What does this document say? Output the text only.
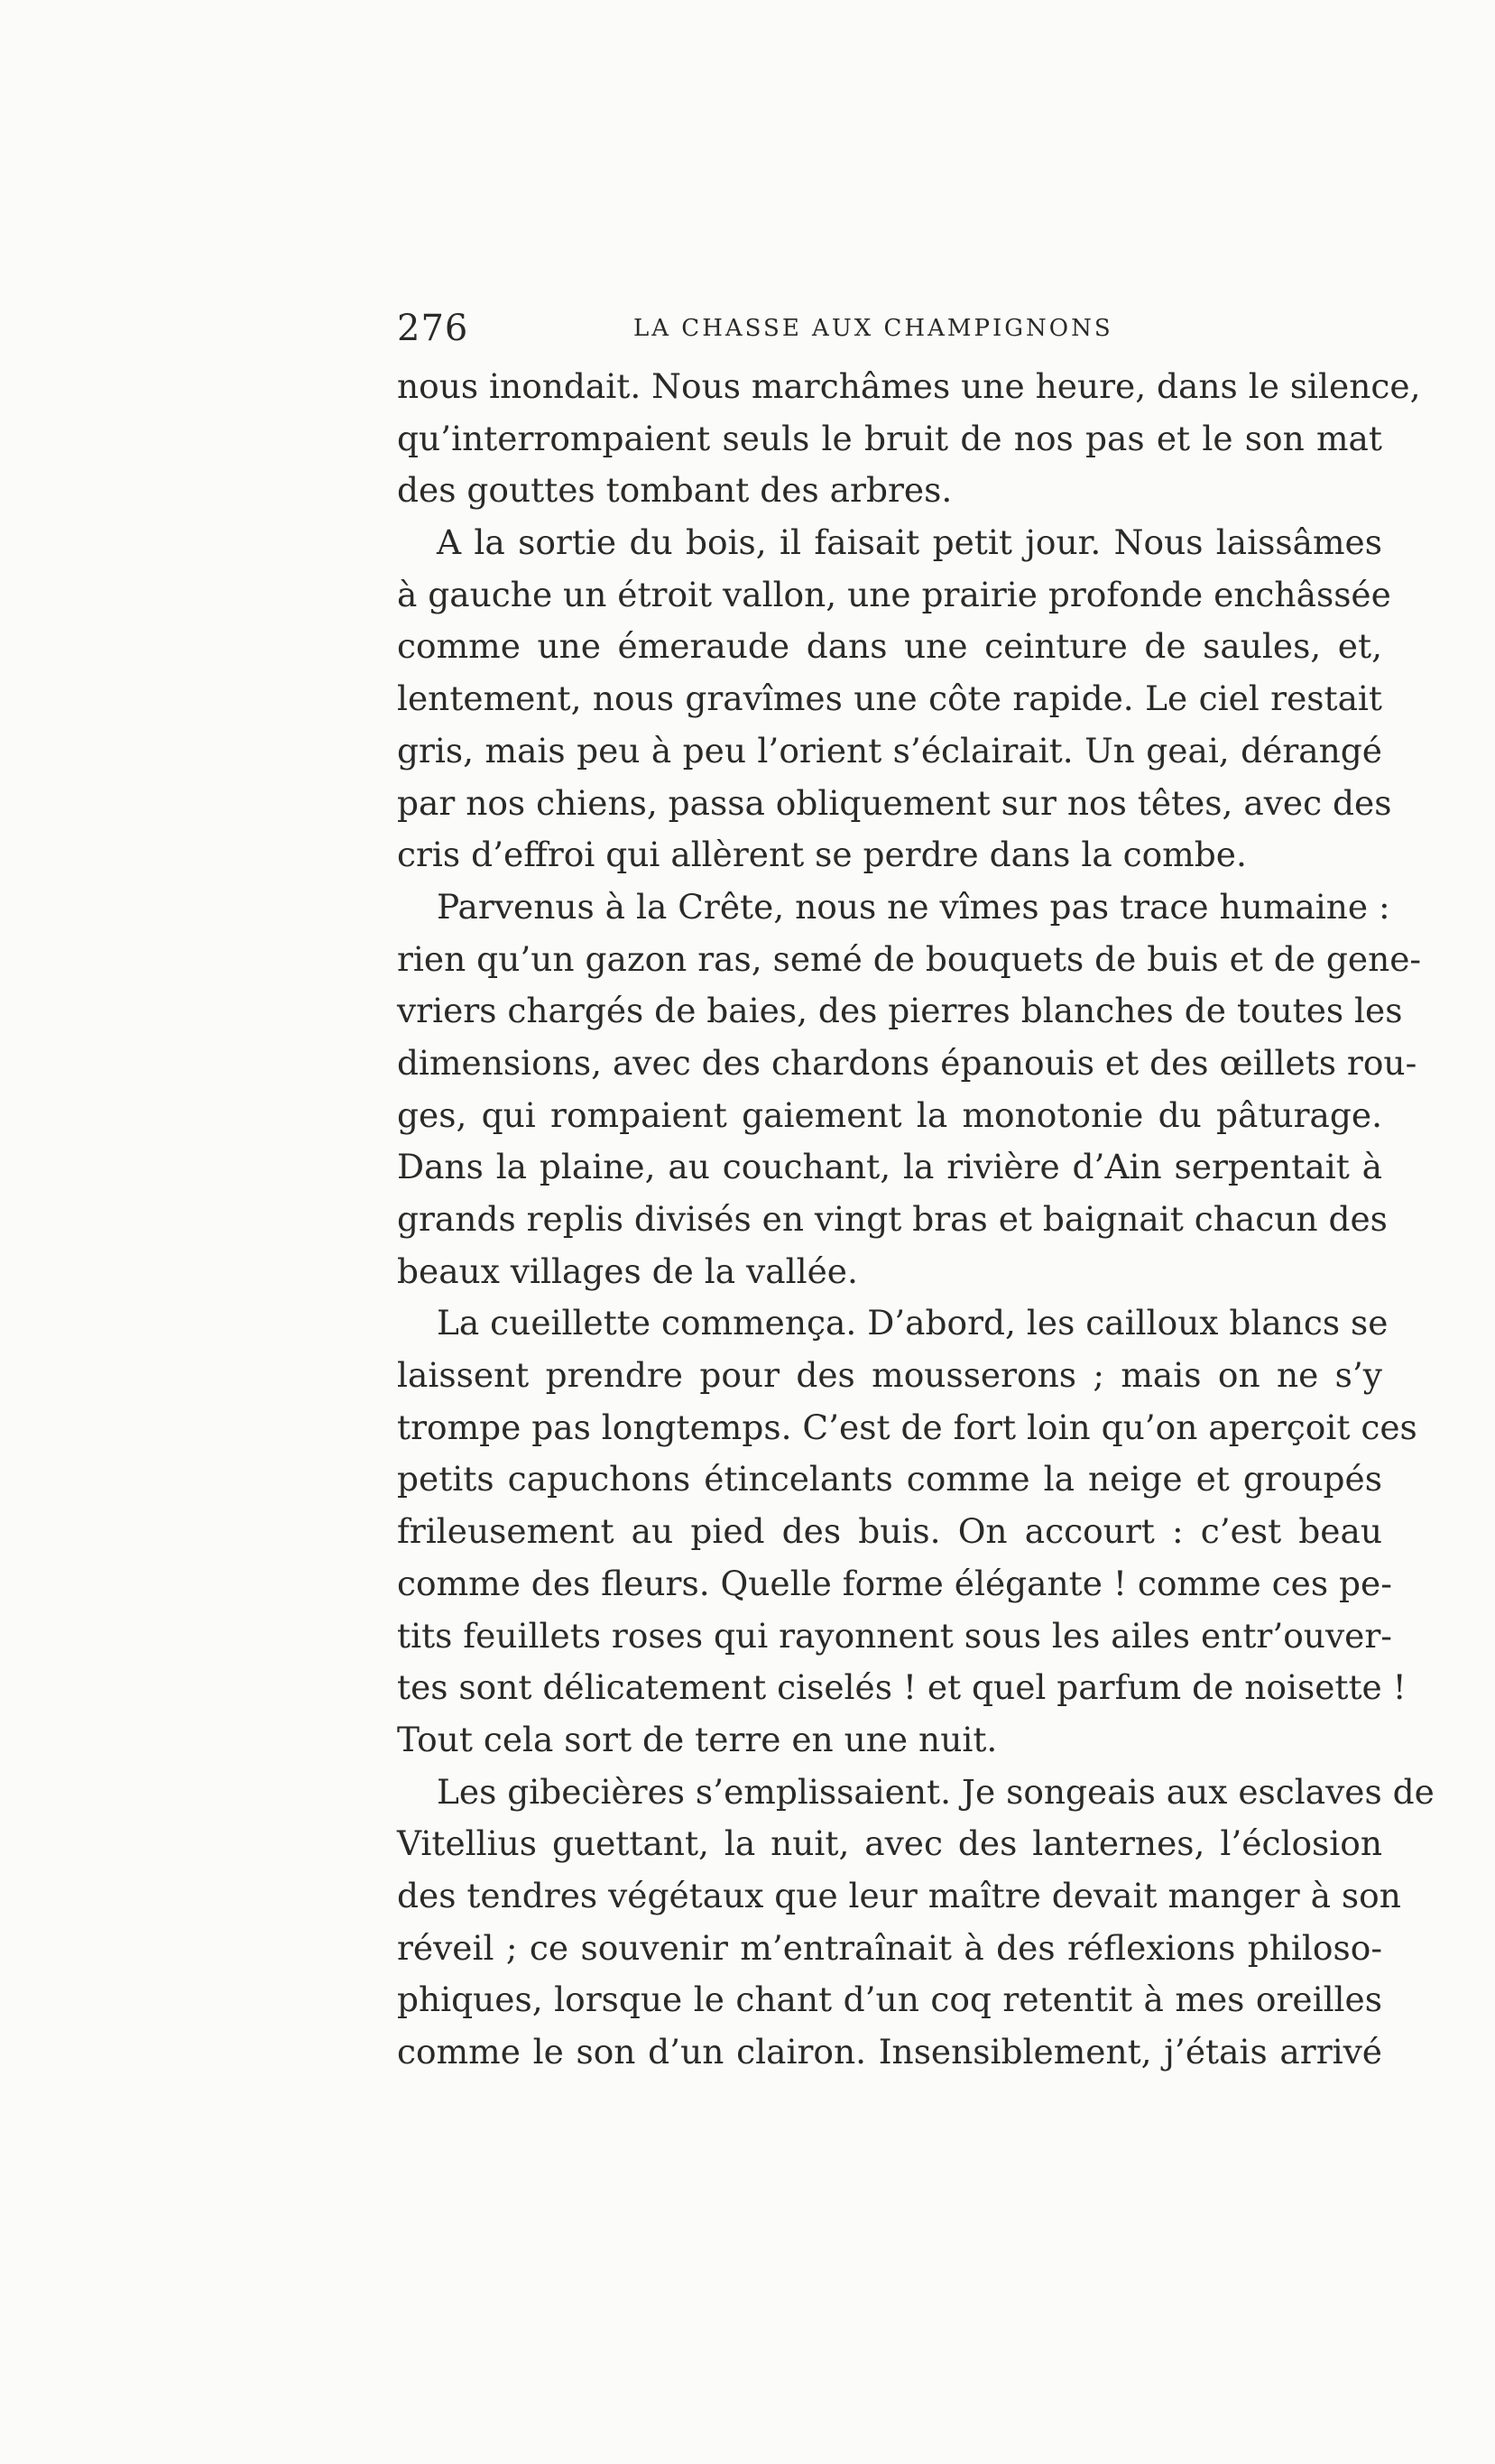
276	LA CHASSE AUX CHAMPIGNONS
nous inondait. Nous marchâmes une heure, dans le silence,
qu’interrompaient seuls le bruit de nos pas et le son mat
des gouttes tombant des arbres.
A la sortie du bois, il faisait petit jour. Nous laissâmes
à gauche un étroit vallon, une prairie profonde enchâssée
comme une émeraude dans une ceinture de saules, et,
lentement, nous gravîmes une côte rapide. Le ciel restait
gris, mais peu à peu l’orient s’éclairait. Un geai, dérangé
par nos chiens, passa obliquement sur nos têtes, avec des
cris d’effroi qui allèrent se perdre dans la combe.
Parvenus à la Crête, nous ne vîmes pas trace humaine :
rien qu’un gazon ras, semé de bouquets de buis et de gene-
vriers chargés de baies, des pierres blanches de toutes les
dimensions, avec des chardons épanouis et des œillets rou-
ges, qui rompaient gaiement la monotonie du pâturage.
Dans la plaine, au couchant, la rivière d’Ain serpentait à
grands replis divisés en vingt bras et baignait chacun des
beaux villages de la vallée.
La cueillette commença. D’abord, les cailloux blancs se
laissent prendre pour des mousserons ; mais on ne s’y
trompe pas longtemps. C’est de fort loin qu’on aperçoit ces
petits capuchons étincelants comme la neige et groupés
frileusement au pied des buis. On accourt : c’est beau
comme des fleurs. Quelle forme élégante ! comme ces pe-
tits feuillets roses qui rayonnent sous les ailes entr’ouver-
tes sont délicatement ciselés ! et quel parfum de noisette !
Tout cela sort de terre en une nuit.
Les gibecières s’emplissaient. Je songeais aux esclaves de
Vitellius guettant, la nuit, avec des lanternes, l’éclosion
des tendres végétaux que leur maître devait manger à son
réveil ; ce souvenir m’entraînait à des réflexions philoso-
phiques, lorsque le chant d’un coq retentit à mes oreilles
comme le son d’un clairon. Insensiblement, j’étais arrivé
